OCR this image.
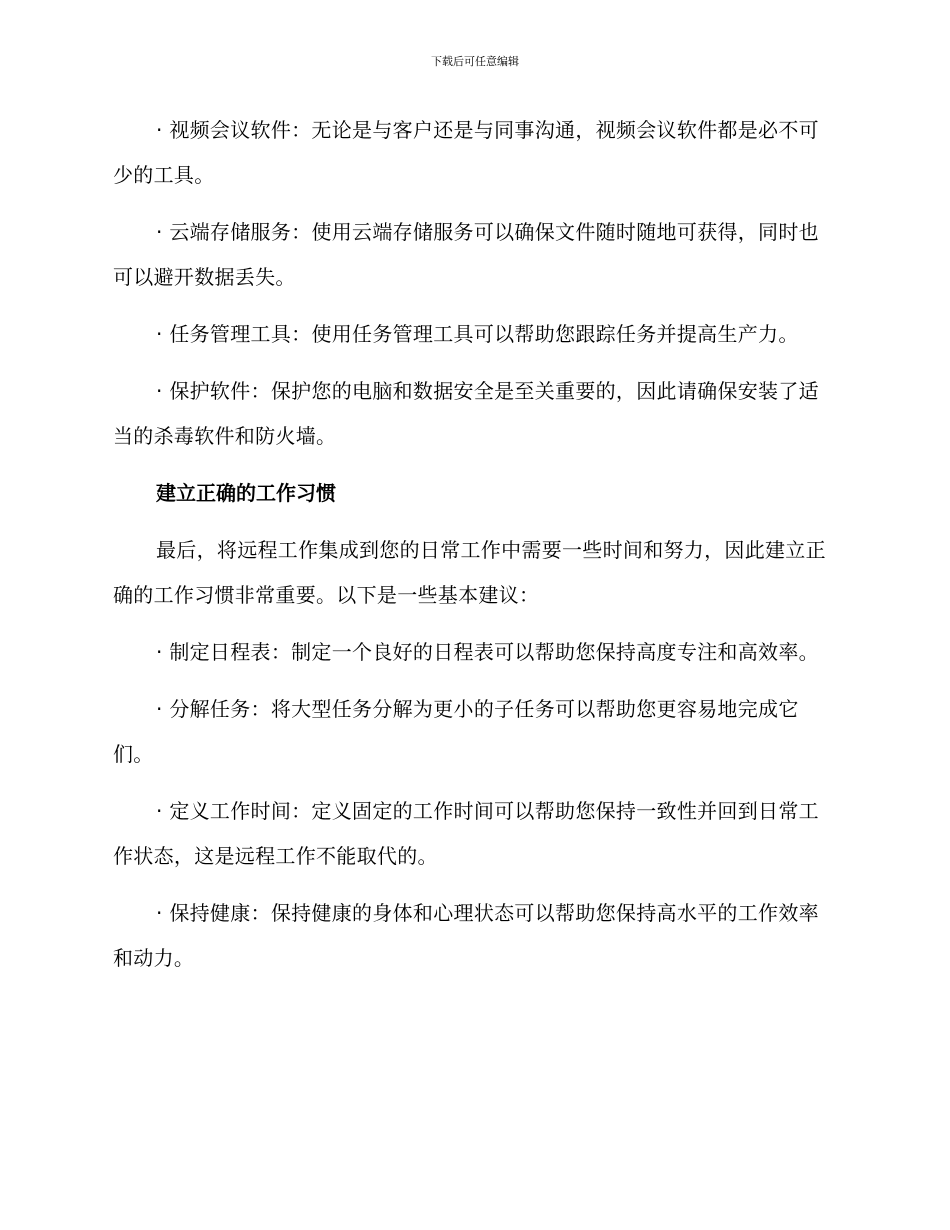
下载后可任意编辑

· 视频会议软件：无论是与客户还是与同事沟通，视频会议软件都是必不可少的工具。

· 云端存储服务：使用云端存储服务可以确保文件随时随地可获得，同时也可以避开数据丢失。

· 任务管理工具：使用任务管理工具可以帮助您跟踪任务并提高生产力。

· 保护软件：保护您的电脑和数据安全是至关重要的，因此请确保安装了适当的杀毒软件和防火墙。

建立正确的工作习惯

最后，将远程工作集成到您的日常工作中需要一些时间和努力，因此建立正确的工作习惯非常重要。以下是一些基本建议：

· 制定日程表：制定一个良好的日程表可以帮助您保持高度专注和高效率。

· 分解任务：将大型任务分解为更小的子任务可以帮助您更容易地完成它们。

· 定义工作时间：定义固定的工作时间可以帮助您保持一致性并回到日常工作状态，这是远程工作不能取代的。

· 保持健康：保持健康的身体和心理状态可以帮助您保持高水平的工作效率和动力。
